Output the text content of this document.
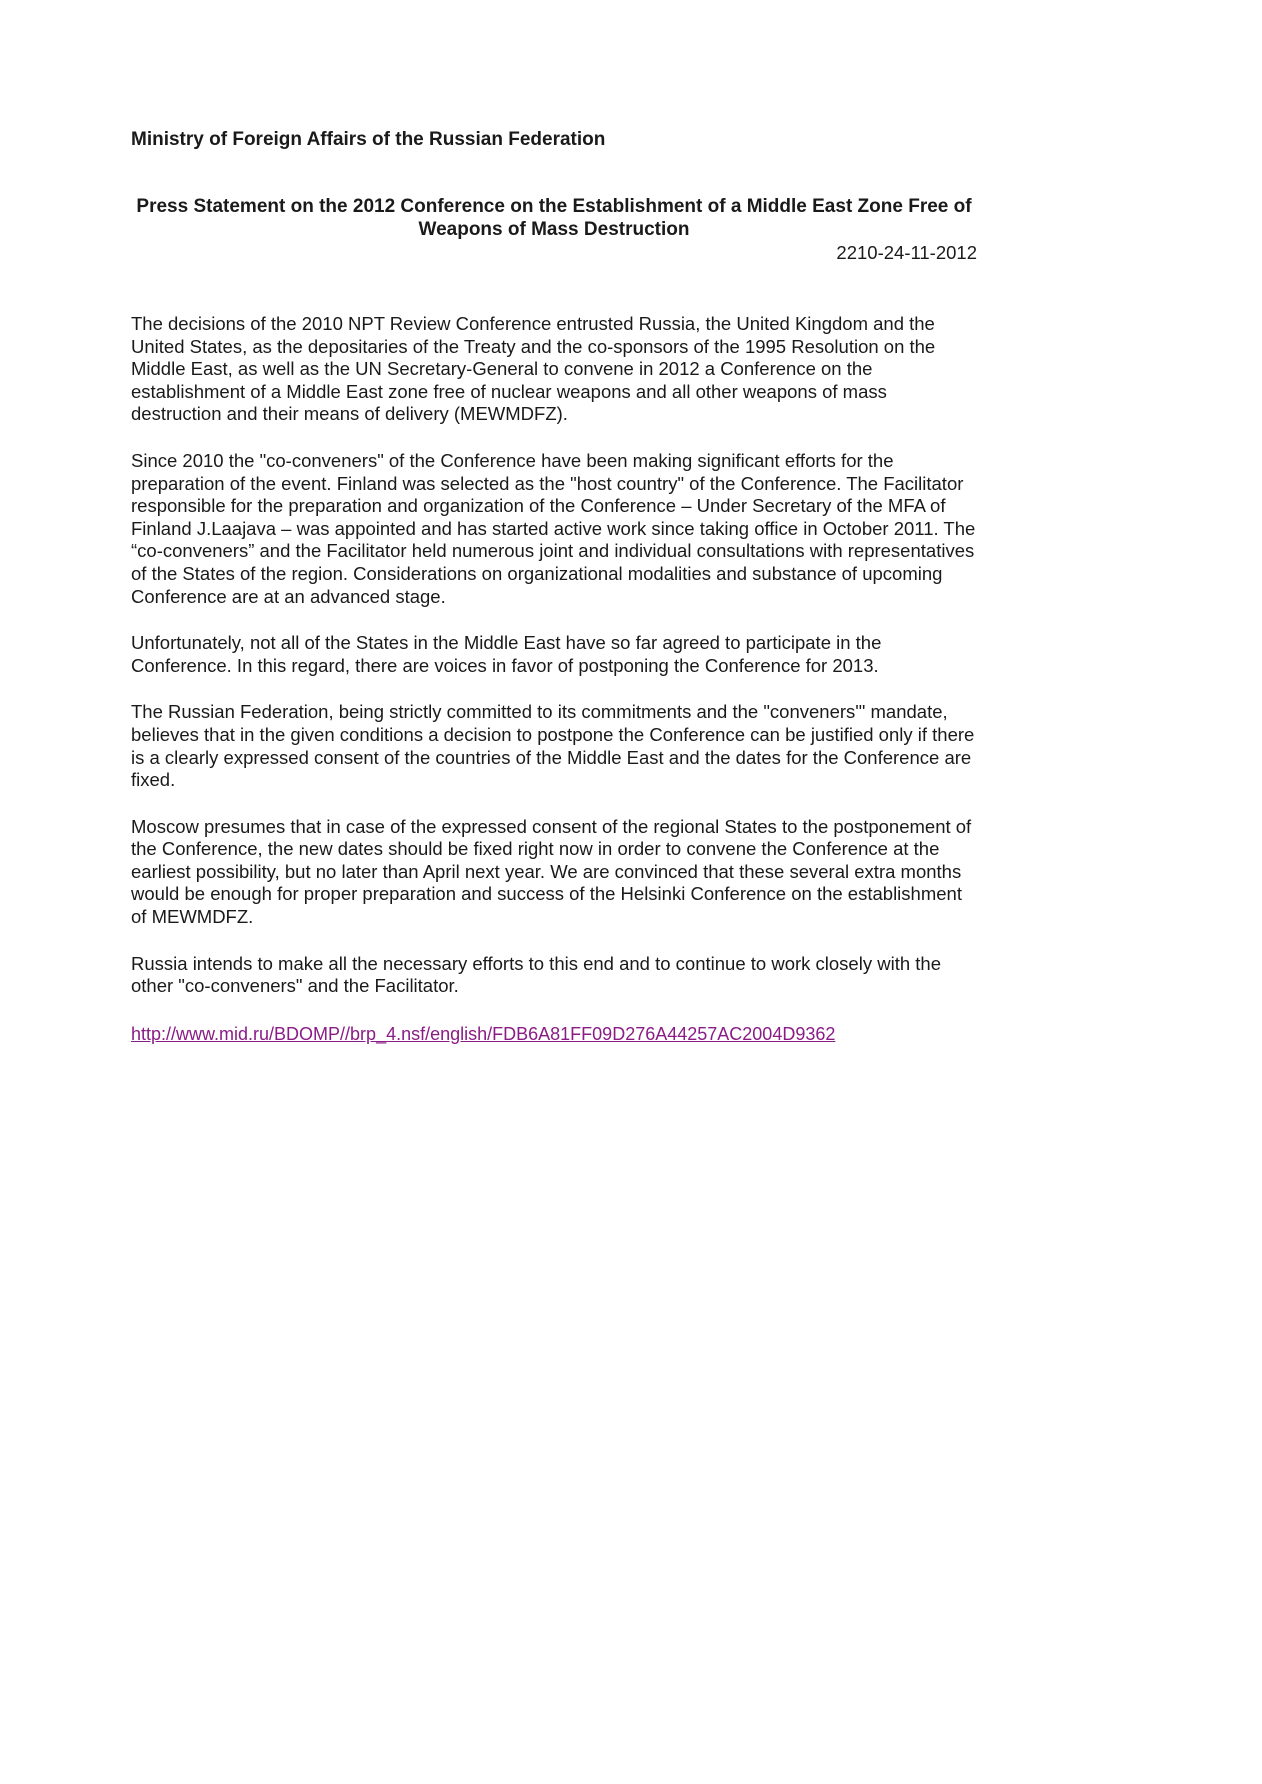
Ministry of Foreign Affairs of the Russian Federation

Press Statement on the 2012 Conference on the Establishment of a Middle East Zone Free of Weapons of Mass Destruction

2210-24-11-2012

The decisions of the 2010 NPT Review Conference entrusted Russia, the United Kingdom and the United States, as the depositaries of the Treaty and the co-sponsors of the 1995 Resolution on the Middle East, as well as the UN Secretary-General to convene in 2012 a Conference on the establishment of a Middle East zone free of nuclear weapons and all other weapons of mass destruction and their means of delivery (MEWMDFZ).

Since 2010 the "co-conveners" of the Conference have been making significant efforts for the preparation of the event. Finland was selected as the "host country" of the Conference. The Facilitator responsible for the preparation and organization of the Conference – Under Secretary of the MFA of Finland J.Laajava – was appointed and has started active work since taking office in October 2011. The “co-conveners” and the Facilitator held numerous joint and individual consultations with representatives of the States of the region. Considerations on organizational modalities and substance of upcoming Conference are at an advanced stage.

Unfortunately, not all of the States in the Middle East have so far agreed to participate in the Conference. In this regard, there are voices in favor of postponing the Conference for 2013.

The Russian Federation, being strictly committed to its commitments and the "conveners'" mandate, believes that in the given conditions a decision to postpone the Conference can be justified only if there is a clearly expressed consent of the countries of the Middle East and the dates for the Conference are fixed.

Moscow presumes that in case of the expressed consent of the regional States to the postponement of the Conference, the new dates should be fixed right now in order to convene the Conference at the earliest possibility, but no later than April next year. We are convinced that these several extra months would be enough for proper preparation and success of the Helsinki Conference on the establishment of MEWMDFZ.

Russia intends to make all the necessary efforts to this end and to continue to work closely with the other "co-conveners" and the Facilitator.

http://www.mid.ru/BDOMP//brp_4.nsf/english/FDB6A81FF09D276A44257AC2004D9362
